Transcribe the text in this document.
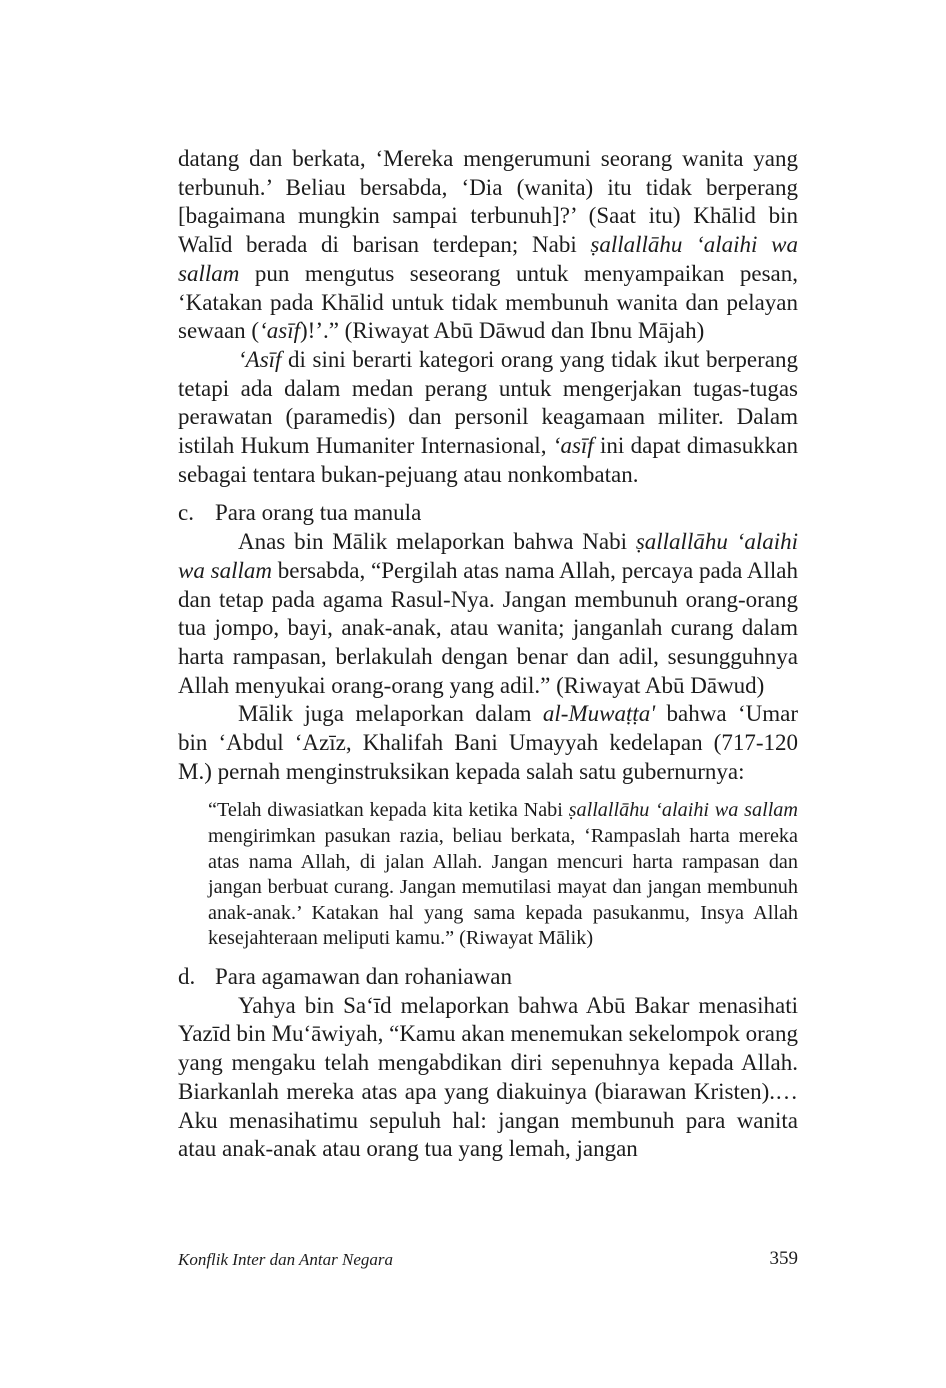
datang dan berkata, ‘Mereka mengerumuni seorang wanita yang terbunuh.’ Beliau bersabda, ‘Dia (wanita) itu tidak berperang [bagaimana mungkin sampai terbunuh]?’ (Saat itu) Khālid bin Walīd berada di barisan terdepan; Nabi ṣallallāhu ‘alaihi wa sallam pun mengutus seseorang untuk menyampaikan pesan, ‘Katakan pada Khālid untuk tidak membunuh wanita dan pelayan sewaan (‘asīf)!’.” (Riwayat Abū Dāwud dan Ibnu Mājah)

‘Asīf di sini berarti kategori orang yang tidak ikut berperang tetapi ada dalam medan perang untuk mengerjakan tugas-tugas perawatan (paramedis) dan personil keagamaan militer. Dalam istilah Hukum Humaniter Internasional, ‘asīf ini dapat dimasukkan sebagai tentara bukan-pejuang atau nonkombatan.

c. Para orang tua manula

Anas bin Mālik melaporkan bahwa Nabi ṣallallāhu ‘alaihi wa sallam bersabda, “Pergilah atas nama Allah, percaya pada Allah dan tetap pada agama Rasul-Nya. Jangan membunuh orang-orang tua jompo, bayi, anak-anak, atau wanita; janganlah curang dalam harta rampasan, berlakulah dengan benar dan adil, sesungguhnya Allah menyukai orang-orang yang adil.” (Riwayat Abū Dāwud)

Mālik juga melaporkan dalam al-Muwaṭṭa' bahwa ‘Umar bin ‘Abdul ‘Azīz, Khalifah Bani Umayyah kedelapan (717-120 M.) pernah menginstruksikan kepada salah satu gubernurnya:

“Telah diwasiatkan kepada kita ketika Nabi ṣallallāhu ‘alaihi wa sallam mengirimkan pasukan razia, beliau berkata, ‘Rampaslah harta mereka atas nama Allah, di jalan Allah. Jangan mencuri harta rampasan dan jangan berbuat curang. Jangan memutilasi mayat dan jangan membunuh anak-anak.’ Katakan hal yang sama kepada pasukanmu, Insya Allah kesejahteraan meliputi kamu.” (Riwayat Mālik)

d. Para agamawan dan rohaniawan

Yahya bin Sa‘īd melaporkan bahwa Abū Bakar menasihati Yazīd bin Mu‘āwiyah, “Kamu akan menemukan sekelompok orang yang mengaku telah mengabdikan diri sepenuhnya kepada Allah. Biarkanlah mereka atas apa yang diakuinya (biarawan Kristen).… Aku menasihatimu sepuluh hal: jangan membunuh para wanita atau anak-anak atau orang tua yang lemah, jangan

Konflik Inter dan Antar Negara	359
